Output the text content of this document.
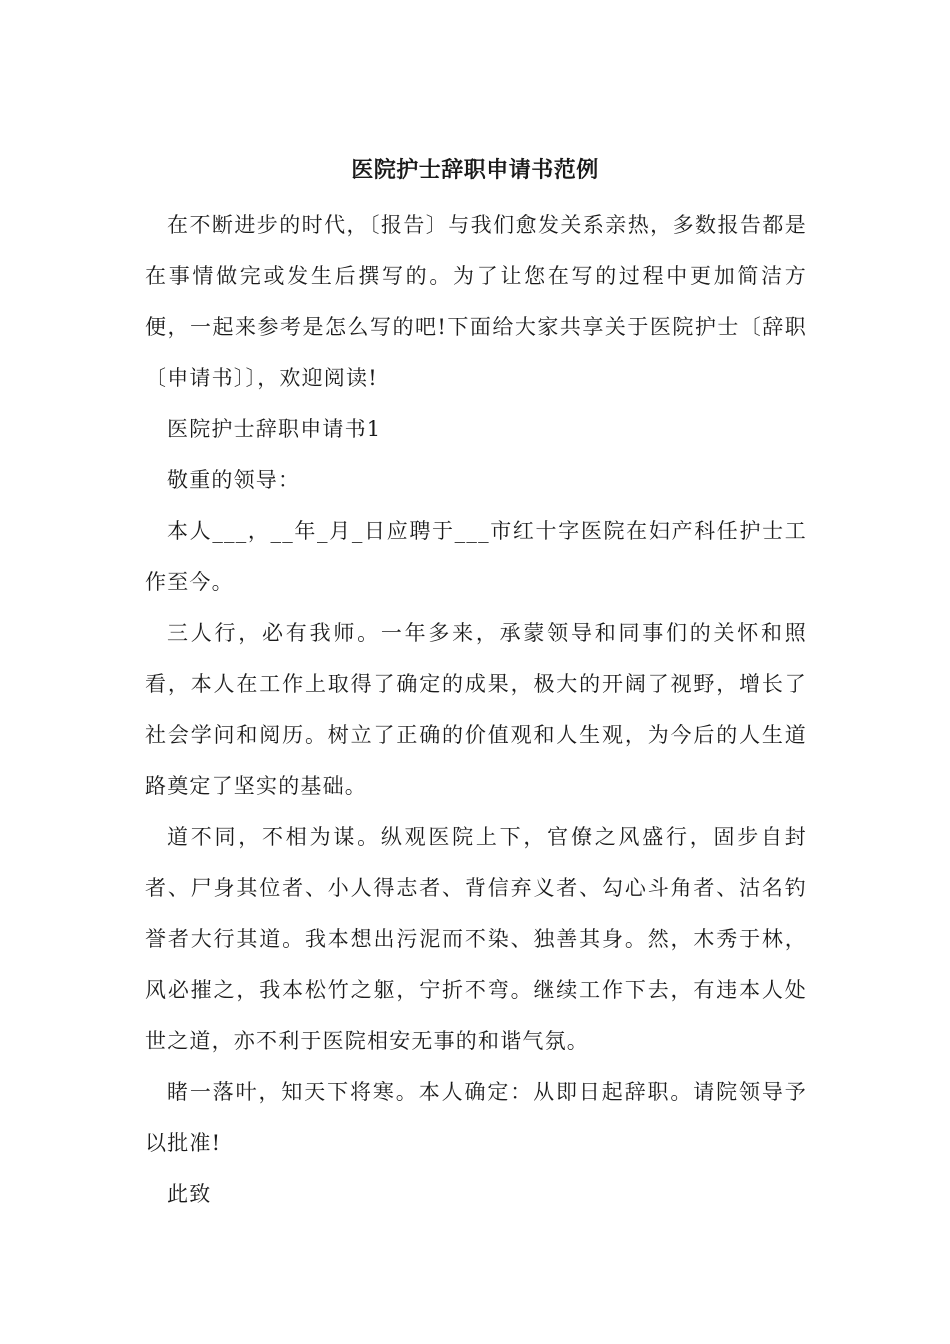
医院护士辞职申请书范例

在不断进步的时代，〔报告〕与我们愈发关系亲热，多数报告都是在事情做完或发生后撰写的。为了让您在写的过程中更加简洁方便，一起来参考是怎么写的吧!下面给大家共享关于医院护士〔辞职〔申请书〕〕，欢迎阅读!

医院护士辞职申请书1

敬重的领导：

本人___，__年_月_日应聘于___市红十字医院在妇产科任护士工作至今。

三人行，必有我师。一年多来，承蒙领导和同事们的关怀和照看，本人在工作上取得了确定的成果，极大的开阔了视野，增长了社会学问和阅历。树立了正确的价值观和人生观，为今后的人生道路奠定了坚实的基础。

道不同，不相为谋。纵观医院上下，官僚之风盛行，固步自封者、尸身其位者、小人得志者、背信弃义者、勾心斗角者、沽名钓誉者大行其道。我本想出污泥而不染、独善其身。然，木秀于林，风必摧之，我本松竹之躯，宁折不弯。继续工作下去，有违本人处世之道，亦不利于医院相安无事的和谐气氛。

睹一落叶，知天下将寒。本人确定：从即日起辞职。请院领导予以批准!

此致
